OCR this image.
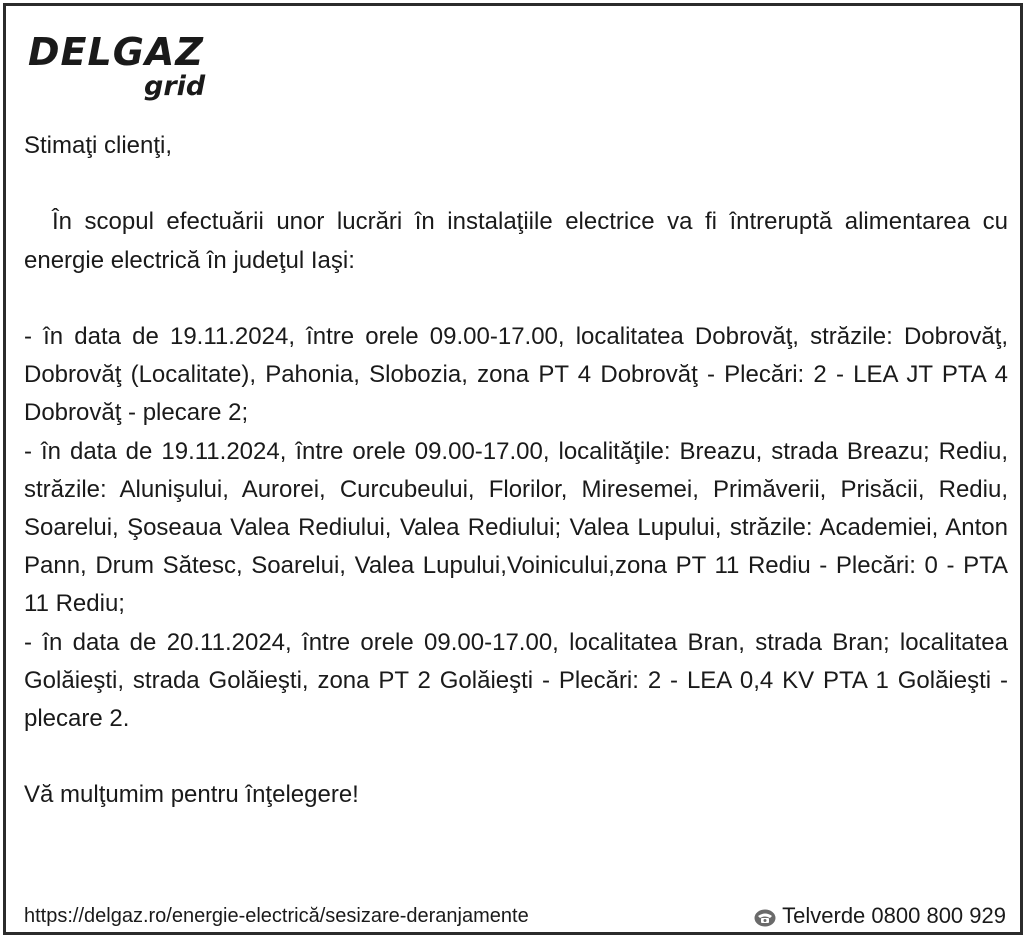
DELGAZ
grid

Stimaţi clienţi,

În scopul efectuării unor lucrări în instalaţiile electrice va fi întreruptă alimentarea cu energie electrică în judeţul Iaşi:

- în data de 19.11.2024, între orele 09.00-17.00, localitatea Dobrovăţ, străzile: Dobrovăţ, Dobrovăţ (Localitate), Pahonia, Slobozia, zona PT 4 Dobrovăţ - Plecări: 2 - LEA JT PTA 4 Dobrovăţ - plecare 2;

- în data de 19.11.2024, între orele 09.00-17.00, localităţile: Breazu, strada Breazu; Rediu, străzile: Alunişului, Aurorei, Curcubeului, Florilor, Miresemei, Primăverii, Prisăcii, Rediu, Soarelui, Şoseaua Valea Rediului, Valea Rediului; Valea Lupului, străzile: Academiei, Anton Pann, Drum Sătesc, Soarelui, Valea Lupului,Voinicului,zona PT 11 Rediu - Plecări: 0 - PTA 11 Rediu;

- în data de 20.11.2024, între orele 09.00-17.00, localitatea Bran, strada Bran; localitatea Golăieşti, strada Golăieşti, zona PT 2 Golăieşti - Plecări: 2 - LEA 0,4 KV PTA 1 Golăieşti - plecare 2.

Vă mulţumim pentru înţelegere!

https://delgaz.ro/energie-electrică/sesizare-deranjamente	Telverde 0800 800 929
